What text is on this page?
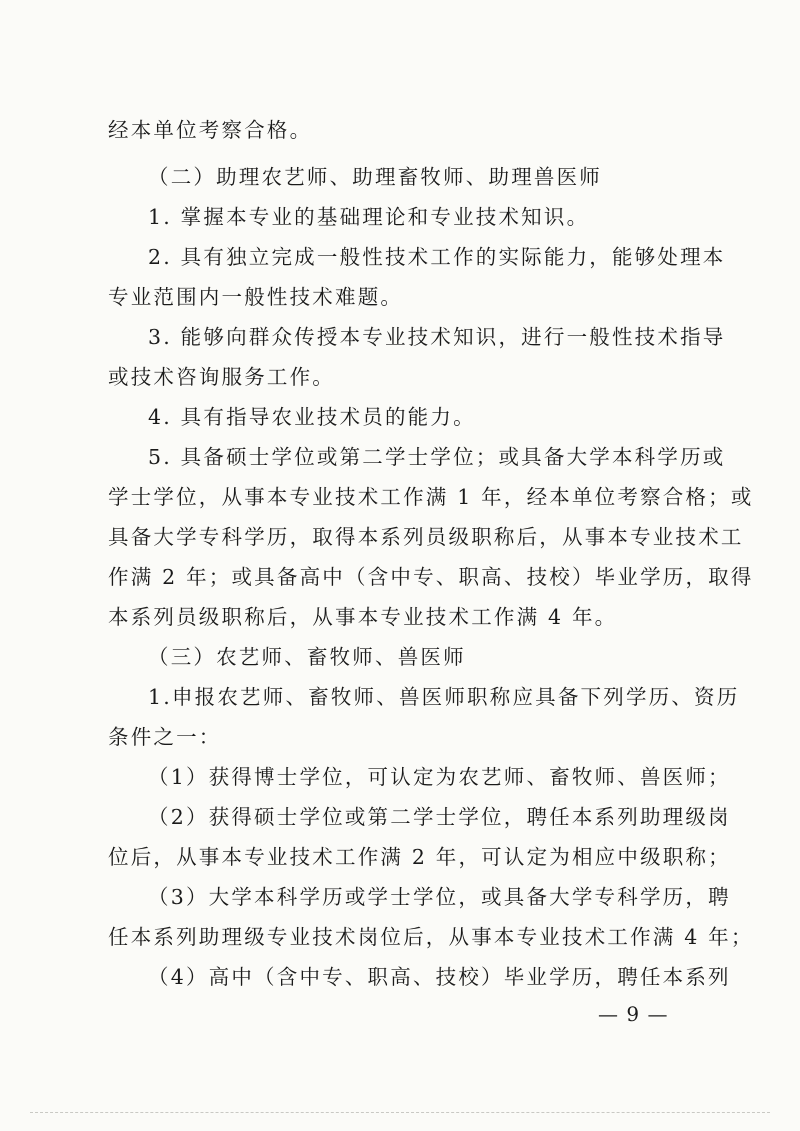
经本单位考察合格。
（二）助理农艺师、助理畜牧师、助理兽医师
1. 掌握本专业的基础理论和专业技术知识。
2. 具有独立完成一般性技术工作的实际能力，能够处理本
专业范围内一般性技术难题。
3. 能够向群众传授本专业技术知识，进行一般性技术指导
或技术咨询服务工作。
4. 具有指导农业技术员的能力。
5. 具备硕士学位或第二学士学位；或具备大学本科学历或
学士学位，从事本专业技术工作满 1 年，经本单位考察合格；或
具备大学专科学历，取得本系列员级职称后，从事本专业技术工
作满 2 年；或具备高中（含中专、职高、技校）毕业学历，取得
本系列员级职称后，从事本专业技术工作满 4 年。
（三）农艺师、畜牧师、兽医师
1.申报农艺师、畜牧师、兽医师职称应具备下列学历、资历
条件之一：
（1）获得博士学位，可认定为农艺师、畜牧师、兽医师；
（2）获得硕士学位或第二学士学位，聘任本系列助理级岗
位后，从事本专业技术工作满 2 年，可认定为相应中级职称；
（3）大学本科学历或学士学位，或具备大学专科学历，聘
任本系列助理级专业技术岗位后，从事本专业技术工作满 4 年；
（4）高中（含中专、职高、技校）毕业学历，聘任本系列
— 9 —
